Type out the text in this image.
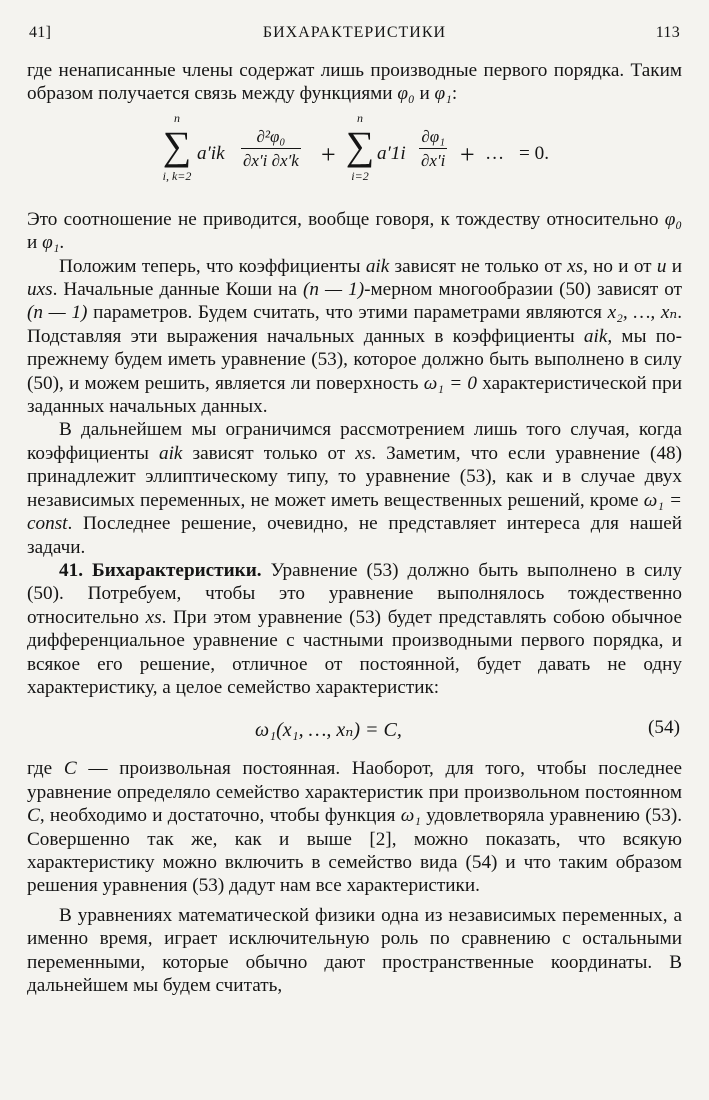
41]	БИХАРАКТЕРИСТИКИ	113

где ненаписанные члены содержат лишь производные первого порядка. Таким образом получается связь между функциями φ₀ и φ₁:

n
∑
i, k=2
$a'ik \frac{\text{∂²φ₀}}{\partial x'i \partial x'k}$ +
n
∑
i=2
$a'1i \frac{\text{∂φ₁}}{\partial x'i}$ + … = 0.

Это соотношение не приводится, вообще говоря, к тождеству относительно φ₀ и φ₁.

Положим теперь, что коэффициенты aik зависят не только от xs, но и от u и uxs. Начальные данные Коши на (n — 1)-мерном многообразии (50) зависят от (n — 1) параметров. Будем считать, что этими параметрами являются x₂, …, xₙ. Подставляя эти выражения начальных данных в коэффициенты aik, мы по-прежнему будем иметь уравнение (53), которое должно быть выполнено в силу (50), и можем решить, является ли поверхность ω₁ = 0 характеристической при заданных начальных данных.

В дальнейшем мы ограничимся рассмотрением лишь того случая, когда коэффициенты aik зависят только от xs. Заметим, что если уравнение (48) принадлежит эллиптическому типу, то уравнение (53), как и в случае двух независимых переменных, не может иметь вещественных решений, кроме ω₁ = const. Последнее решение, очевидно, не представляет интереса для нашей задачи.

41. Бихарактеристики. Уравнение (53) должно быть выполнено в силу (50). Потребуем, чтобы это уравнение выполнялось тождественно относительно xs. При этом уравнение (53) будет представлять собою обычное дифференциальное уравнение с частными производными первого порядка, и всякое его решение, отличное от постоянной, будет давать не одну характеристику, а целое семейство характеристик:

ω₁(x₁, …, xₙ) = C,	(54)

где C — произвольная постоянная. Наоборот, для того, чтобы последнее уравнение определяло семейство характеристик при произвольном постоянном C, необходимо и достаточно, чтобы функция ω₁ удовлетворяла уравнению (53). Совершенно так же, как и выше [2], можно показать, что всякую характеристику можно включить в семейство вида (54) и что таким образом решения уравнения (53) дадут нам все характеристики.

В уравнениях математической физики одна из независимых переменных, а именно время, играет исключительную роль по сравнению с остальными переменными, которые обычно дают пространственные координаты. В дальнейшем мы будем считать,
